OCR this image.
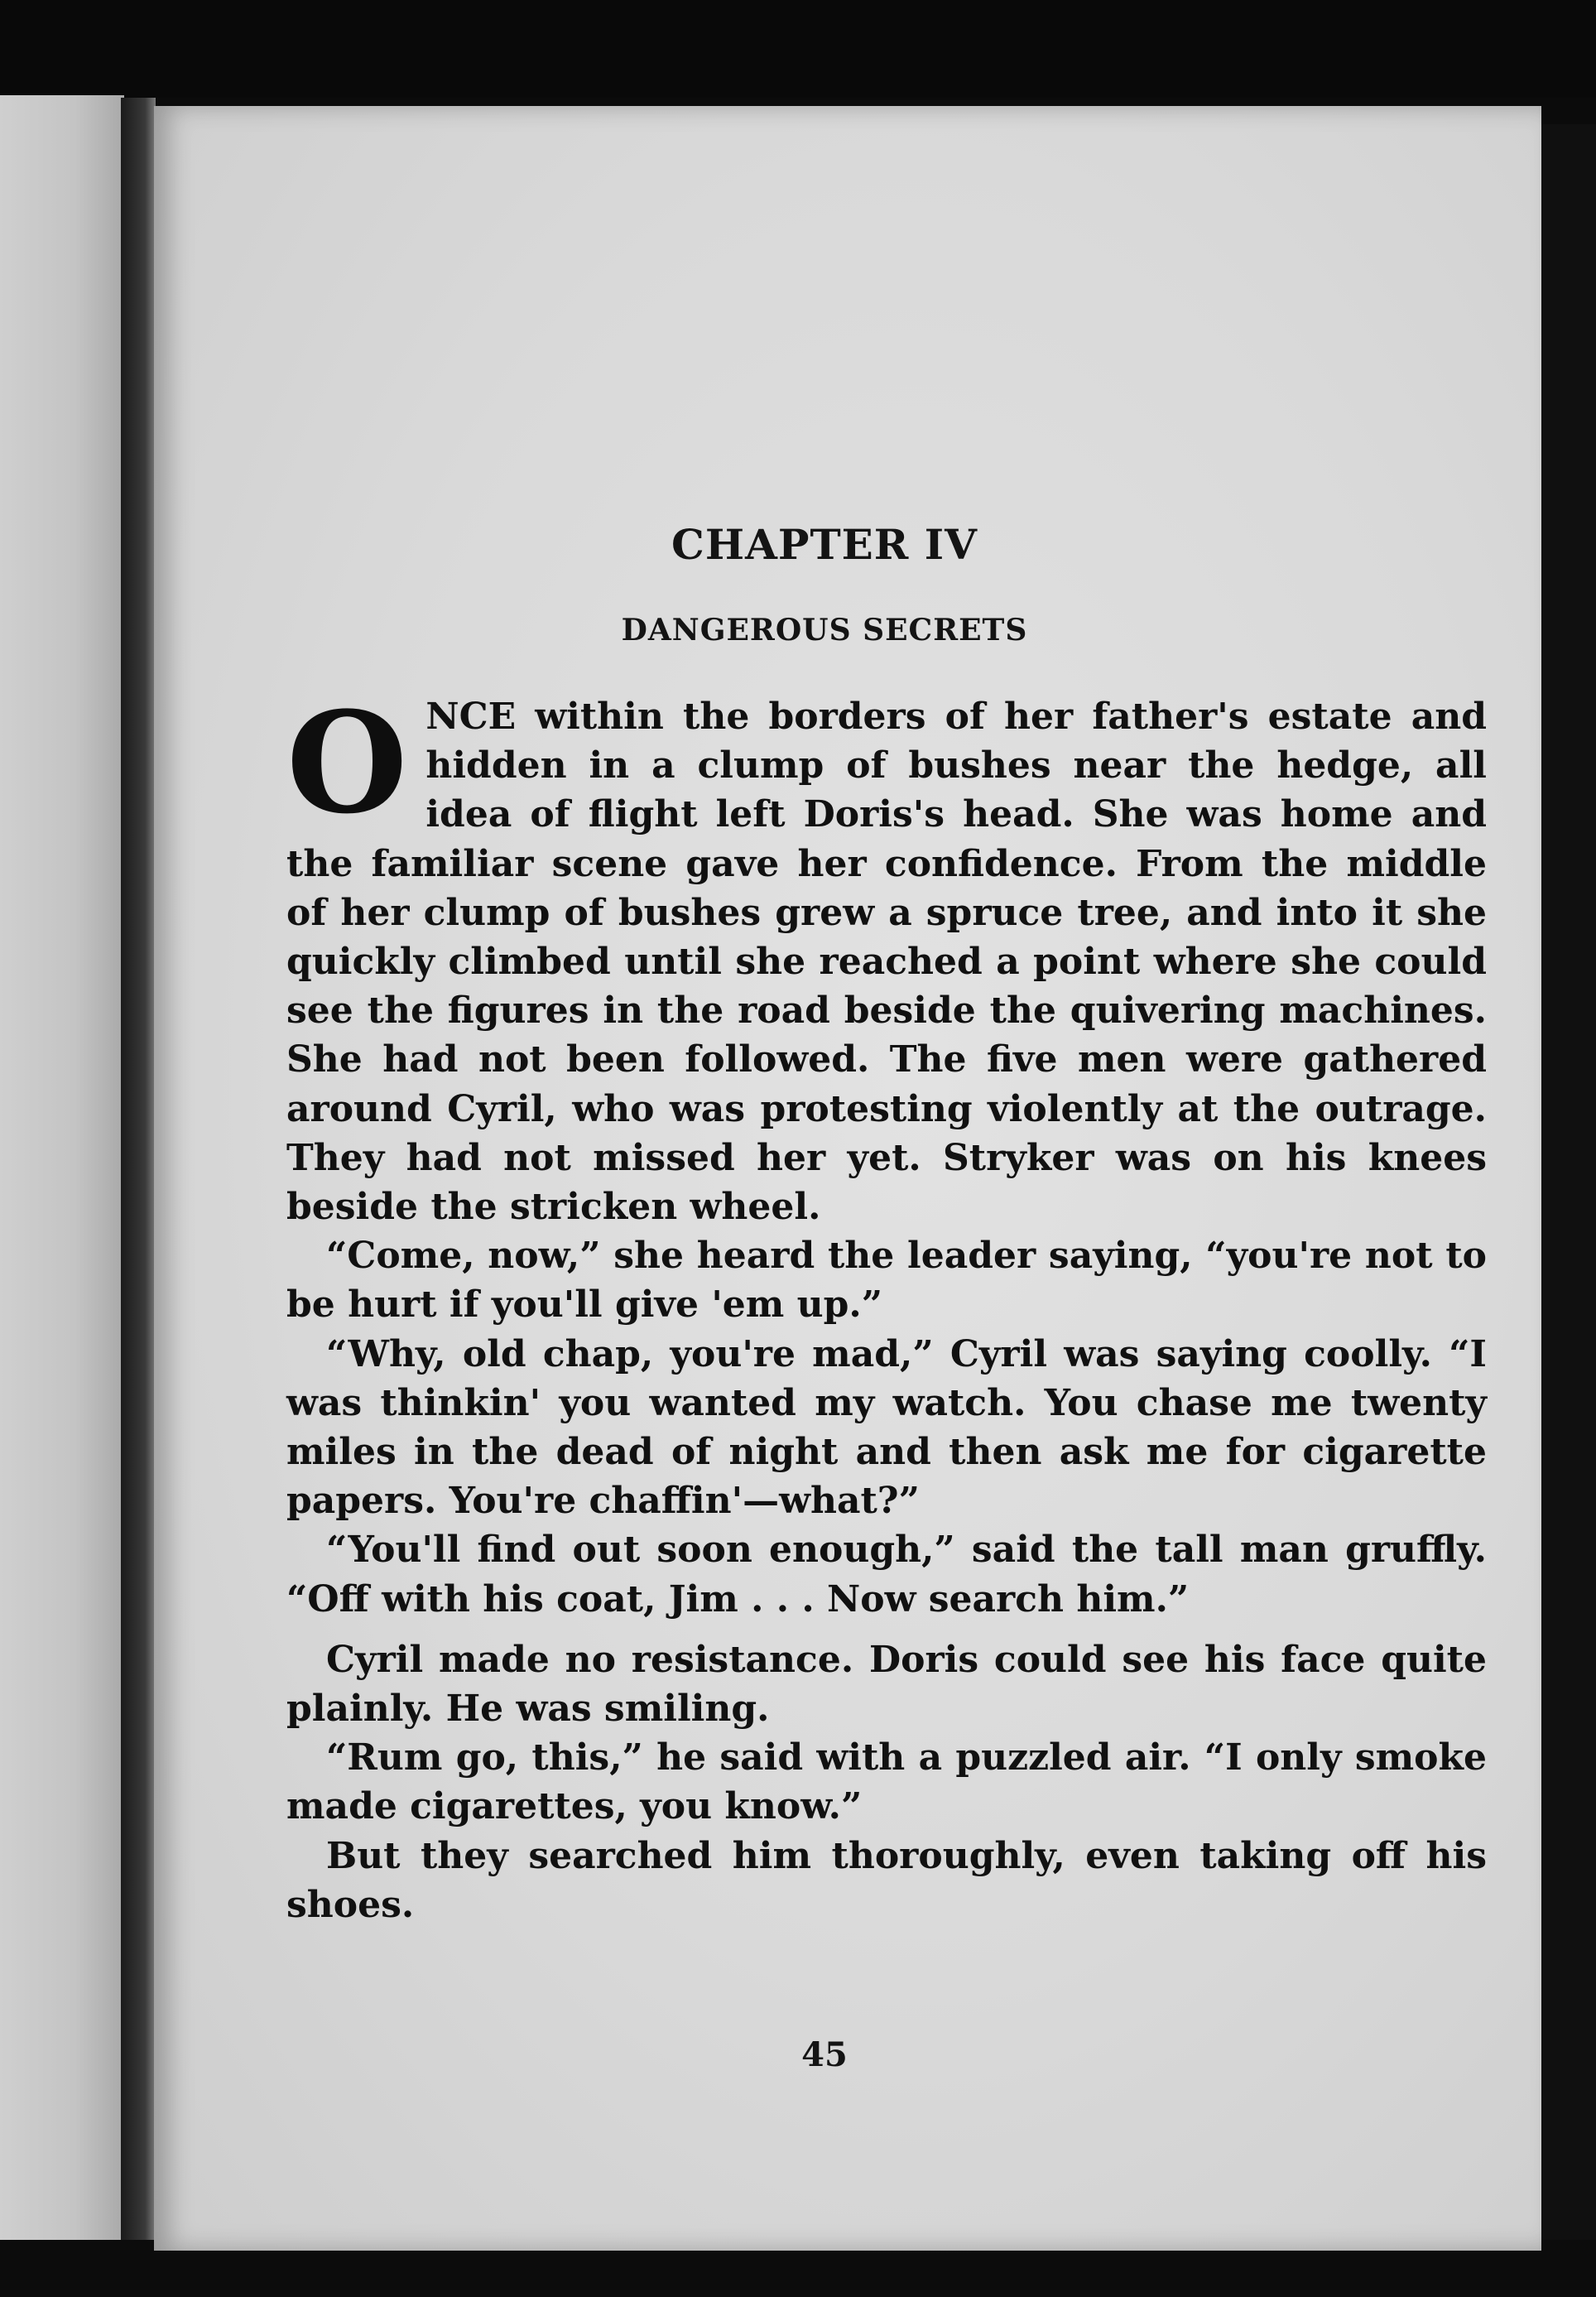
CHAPTER IV
DANGEROUS SECRETS

ONCE within the borders of her father's estate and hidden in a clump of bushes near the hedge, all idea of flight left Doris's head. She was home and the familiar scene gave her confidence. From the middle of her clump of bushes grew a spruce tree, and into it she quickly climbed until she reached a point where she could see the figures in the road beside the quivering machines. She had not been followed. The five men were gathered around Cyril, who was protesting violently at the outrage. They had not missed her yet. Stryker was on his knees beside the stricken wheel.

“Come, now,” she heard the leader saying, “you're not to be hurt if you'll give 'em up.”

“Why, old chap, you're mad,” Cyril was saying coolly. “I was thinkin' you wanted my watch. You chase me twenty miles in the dead of night and then ask me for cigarette papers. You're chaffin'—what?”

“You'll find out soon enough,” said the tall man gruffly. “Off with his coat, Jim . . . Now search him.”

Cyril made no resistance. Doris could see his face quite plainly. He was smiling.

“Rum go, this,” he said with a puzzled air. “I only smoke made cigarettes, you know.”

But they searched him thoroughly, even taking off his shoes.

45
